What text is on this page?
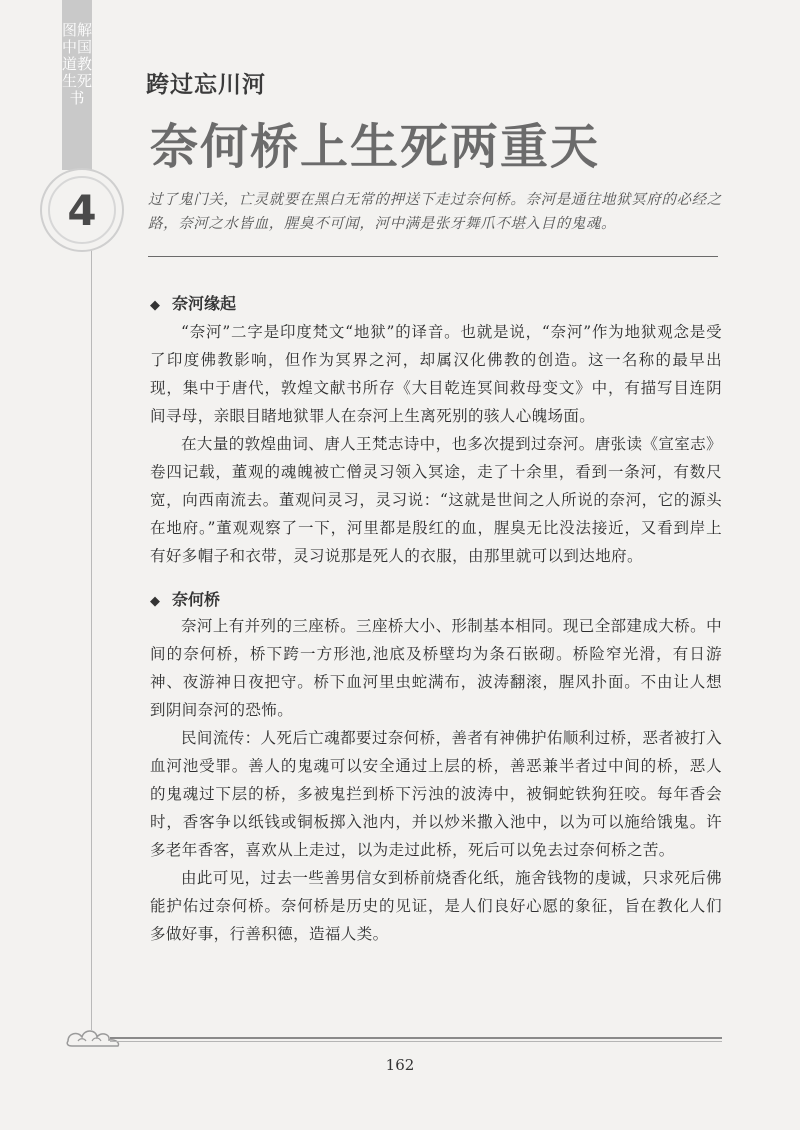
图解中国道教生死书
4
跨过忘川河
奈何桥上生死两重天
过了鬼门关，亡灵就要在黑白无常的押送下走过奈何桥。奈河是通往地狱冥府的必经之路，奈河之水皆血，腥臭不可闻，河中满是张牙舞爪不堪入目的鬼魂。
◆ 奈河缘起
“奈河”二字是印度梵文“地狱”的译音。也就是说，“奈河”作为地狱观念是受了印度佛教影响，但作为冥界之河，却属汉化佛教的创造。这一名称的最早出现，集中于唐代，敦煌文献书所存《大目乾连冥间救母变文》中，有描写目连阴间寻母，亲眼目睹地狱罪人在奈河上生离死别的骇人心魄场面。
在大量的敦煌曲词、唐人王梵志诗中，也多次提到过奈河。唐张读《宣室志》卷四记载，董观的魂魄被亡僧灵习领入冥途，走了十余里，看到一条河，有数尺宽，向西南流去。董观问灵习，灵习说：“这就是世间之人所说的奈河，它的源头在地府。”董观观察了一下，河里都是殷红的血，腥臭无比没法接近，又看到岸上有好多帽子和衣带，灵习说那是死人的衣服，由那里就可以到达地府。
◆ 奈何桥
奈河上有并列的三座桥。三座桥大小、形制基本相同。现已全部建成大桥。中间的奈何桥，桥下跨一方形池,池底及桥壁均为条石嵌砌。桥险窄光滑，有日游神、夜游神日夜把守。桥下血河里虫蛇满布，波涛翻滚，腥风扑面。不由让人想到阴间奈河的恐怖。
民间流传：人死后亡魂都要过奈何桥，善者有神佛护佑顺利过桥，恶者被打入血河池受罪。善人的鬼魂可以安全通过上层的桥，善恶兼半者过中间的桥，恶人的鬼魂过下层的桥，多被鬼拦到桥下污浊的波涛中，被铜蛇铁狗狂咬。每年香会时，香客争以纸钱或铜板掷入池内，并以炒米撒入池中，以为可以施给饿鬼。许多老年香客，喜欢从上走过，以为走过此桥，死后可以免去过奈何桥之苦。
由此可见，过去一些善男信女到桥前烧香化纸，施舍钱物的虔诚，只求死后佛能护佑过奈何桥。奈何桥是历史的见证，是人们良好心愿的象征，旨在教化人们多做好事，行善积德，造福人类。
162
